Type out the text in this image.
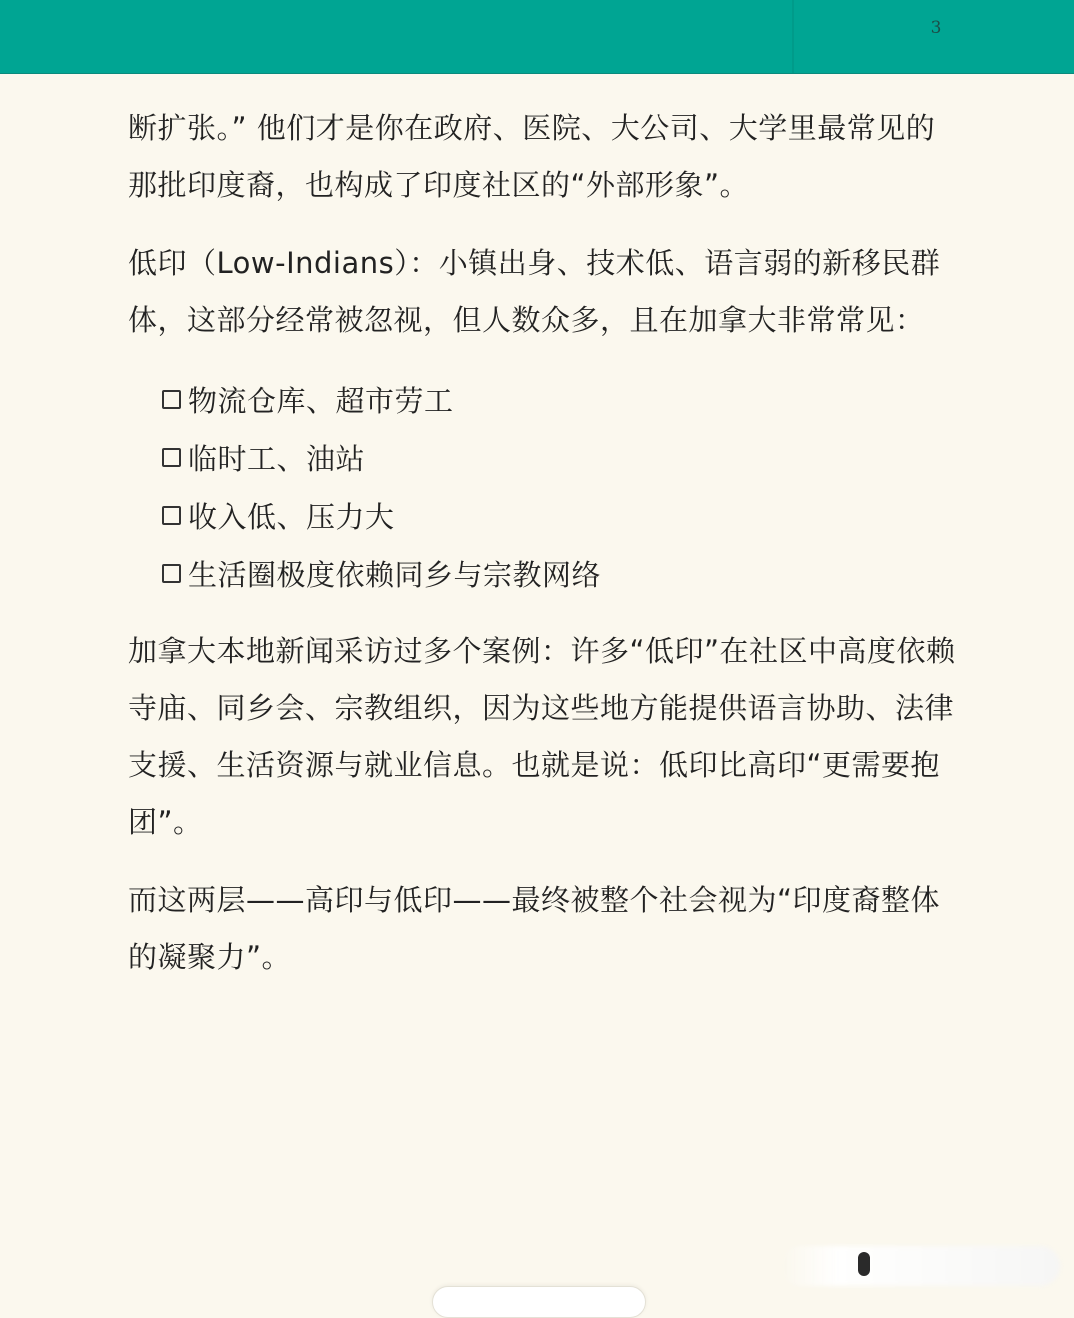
3

断扩张。” 他们才是你在政府、医院、大公司、大学里最常见的那批印度裔，也构成了印度社区的“外部形象”。

低印（Low-Indians）：小镇出身、技术低、语言弱的新移民群体，这部分经常被忽视，但人数众多，且在加拿大非常常见：

物流仓库、超市劳工
临时工、油站
收入低、压力大
生活圈极度依赖同乡与宗教网络

加拿大本地新闻采访过多个案例：许多“低印”在社区中高度依赖寺庙、同乡会、宗教组织，因为这些地方能提供语言协助、法律支援、生活资源与就业信息。也就是说：低印比高印“更需要抱团”。

而这两层——高印与低印——最终被整个社会视为“印度裔整体的凝聚力”。
